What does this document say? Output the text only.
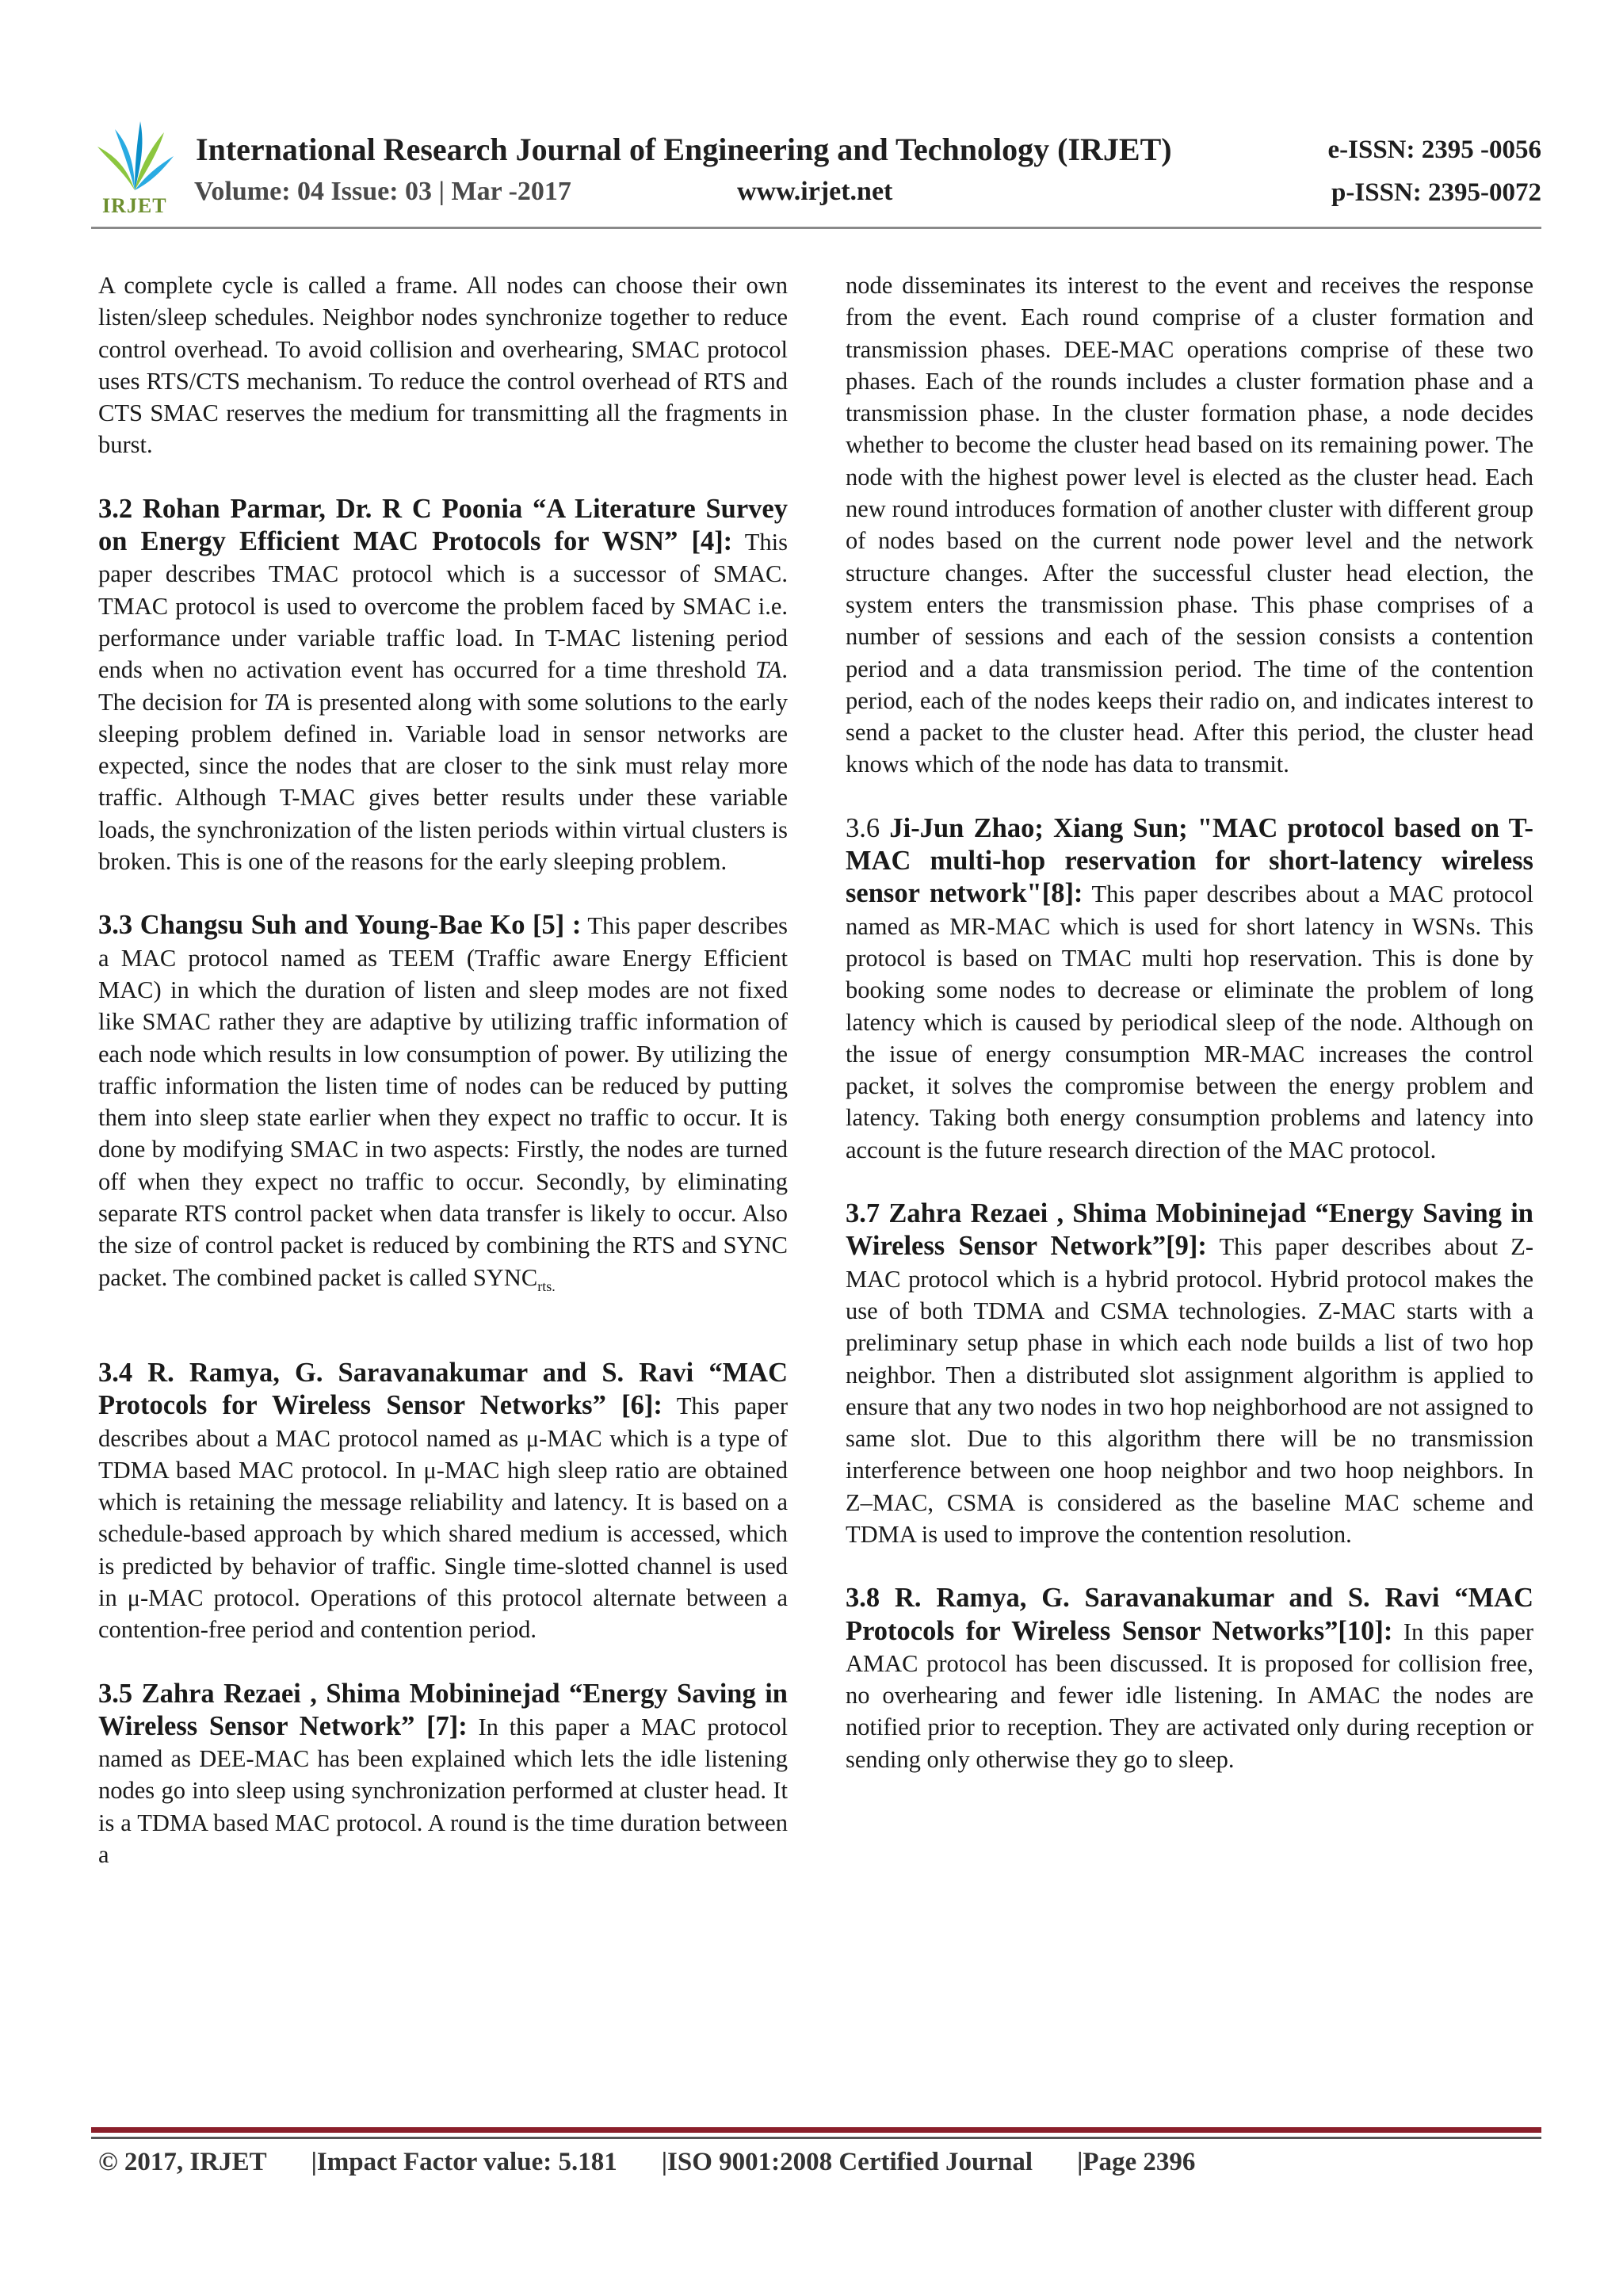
IRJET
International Research Journal of Engineering and Technology (IRJET)
Volume: 04 Issue: 03 | Mar -2017	www.irjet.net
e-ISSN: 2395 -0056
p-ISSN: 2395-0072

A complete cycle is called a frame. All nodes can choose their own listen/sleep schedules. Neighbor nodes synchronize together to reduce control overhead. To avoid collision and overhearing, SMAC protocol uses RTS/CTS mechanism. To reduce the control overhead of RTS and CTS SMAC reserves the medium for transmitting all the fragments in burst.

3.2 Rohan Parmar, Dr. R C Poonia “A Literature Survey on Energy Efficient MAC Protocols for WSN” [4]: This paper describes TMAC protocol which is a successor of SMAC. TMAC protocol is used to overcome the problem faced by SMAC i.e. performance under variable traffic load. In T-MAC listening period ends when no activation event has occurred for a time threshold TA. The decision for TA is presented along with some solutions to the early sleeping problem defined in. Variable load in sensor networks are expected, since the nodes that are closer to the sink must relay more traffic. Although T-MAC gives better results under these variable loads, the synchronization of the listen periods within virtual clusters is broken. This is one of the reasons for the early sleeping problem.

3.3 Changsu Suh and Young-Bae Ko [5] : This paper describes a MAC protocol named as TEEM (Traffic aware Energy Efficient MAC) in which the duration of listen and sleep modes are not fixed like SMAC rather they are adaptive by utilizing traffic information of each node which results in low consumption of power. By utilizing the traffic information the listen time of nodes can be reduced by putting them into sleep state earlier when they expect no traffic to occur. It is done by modifying SMAC in two aspects: Firstly, the nodes are turned off when they expect no traffic to occur. Secondly, by eliminating separate RTS control packet when data transfer is likely to occur. Also the size of control packet is reduced by combining the RTS and SYNC packet. The combined packet is called $SYNC_{rts.}$

3.4 R. Ramya, G. Saravanakumar and S. Ravi “MAC Protocols for Wireless Sensor Networks” [6]: This paper describes about a MAC protocol named as μ-MAC which is a type of TDMA based MAC protocol. In μ-MAC high sleep ratio are obtained which is retaining the message reliability and latency. It is based on a schedule-based approach by which shared medium is accessed, which is predicted by behavior of traffic. Single time-slotted channel is used in μ-MAC protocol. Operations of this protocol alternate between a contention-free period and contention period.

3.5 Zahra Rezaei , Shima Mobininejad “Energy Saving in Wireless Sensor Network” [7]: In this paper a MAC protocol named as DEE-MAC has been explained which lets the idle listening nodes go into sleep using synchronization performed at cluster head. It is a TDMA based MAC protocol. A round is the time duration between a

node disseminates its interest to the event and receives the response from the event. Each round comprise of a cluster formation and transmission phases. DEE-MAC operations comprise of these two phases. Each of the rounds includes a cluster formation phase and a transmission phase. In the cluster formation phase, a node decides whether to become the cluster head based on its remaining power. The node with the highest power level is elected as the cluster head. Each new round introduces formation of another cluster with different group of nodes based on the current node power level and the network structure changes. After the successful cluster head election, the system enters the transmission phase. This phase comprises of a number of sessions and each of the session consists a contention period and a data transmission period. The time of the contention period, each of the nodes keeps their radio on, and indicates interest to send a packet to the cluster head. After this period, the cluster head knows which of the node has data to transmit.

3.6 Ji-Jun Zhao; Xiang Sun; "MAC protocol based on T-MAC multi-hop reservation for short-latency wireless sensor network"[8]: This paper describes about a MAC protocol named as MR-MAC which is used for short latency in WSNs. This protocol is based on TMAC multi hop reservation. This is done by booking some nodes to decrease or eliminate the problem of long latency which is caused by periodical sleep of the node. Although on the issue of energy consumption MR-MAC increases the control packet, it solves the compromise between the energy problem and latency. Taking both energy consumption problems and latency into account is the future research direction of the MAC protocol.

3.7 Zahra Rezaei , Shima Mobininejad “Energy Saving in Wireless Sensor Network”[9]: This paper describes about Z-MAC protocol which is a hybrid protocol. Hybrid protocol makes the use of both TDMA and CSMA technologies. Z-MAC starts with a preliminary setup phase in which each node builds a list of two hop neighbor. Then a distributed slot assignment algorithm is applied to ensure that any two nodes in two hop neighborhood are not assigned to same slot. Due to this algorithm there will be no transmission interference between one hoop neighbor and two hoop neighbors. In Z–MAC, CSMA is considered as the baseline MAC scheme and TDMA is used to improve the contention resolution.

3.8 R. Ramya, G. Saravanakumar and S. Ravi “MAC Protocols for Wireless Sensor Networks”[10]: In this paper AMAC protocol has been discussed. It is proposed for collision free, no overhearing and fewer idle listening. In AMAC the nodes are notified prior to reception. They are activated only during reception or sending only otherwise they go to sleep.

© 2017, IRJET |Impact Factor value: 5.181 |ISO 9001:2008 Certified Journal |Page 2396
